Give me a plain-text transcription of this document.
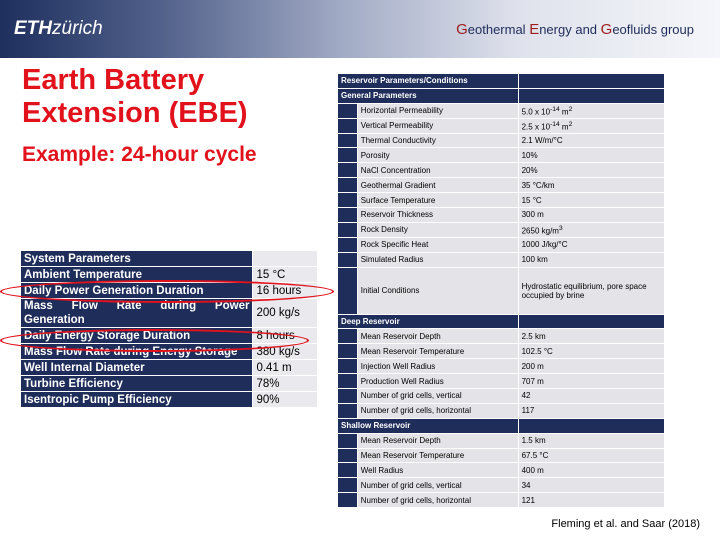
ETHzürich	Geothermal Energy and Geofluids group
Earth Battery Extension (EBE)
Example: 24-hour cycle
System Parameters	
Ambient Temperature	15 °C
Daily Power Generation Duration	16 hours
Mass Flow Rate during Power Generation	200 kg/s
Daily Energy Storage Duration	8 hours
Mass Flow Rate during Energy Storage	380 kg/s
Well Internal Diameter	0.41 m
Turbine Efficiency	78%
Isentropic Pump Efficiency	90%
Reservoir Parameters/Conditions		
General Parameters		
	Horizontal Permeability	5.0 x $10^{-14}$ $m^2$
	Vertical Permeability	2.5 x $10^{-14}$ $m^2$
	Thermal Conductivity	2.1 W/m/°C
	Porosity	10%
	NaCl Concentration	20%
	Geothermal Gradient	35 °C/km
	Surface Temperature	15 °C
	Reservoir Thickness	300 m
	Rock Density	2650 $kg/m^3$
	Rock Specific Heat	1000 J/kg/°C
	Simulated Radius	100 km
	Initial Conditions	Hydrostatic equilibrium, pore space occupied by brine
Deep Reservoir		
	Mean Reservoir Depth	2.5 km
	Mean Reservoir Temperature	102.5 °C
	Injection Well Radius	200 m
	Production Well Radius	707 m
	Number of grid cells, vertical	42
	Number of grid cells, horizontal	117
Shallow Reservoir		
	Mean Reservoir Depth	1.5 km
	Mean Reservoir Temperature	67.5 °C
	Well Radius	400 m
	Number of grid cells, vertical	34
	Number of grid cells, horizontal	121
Fleming et al. and Saar (2018)
